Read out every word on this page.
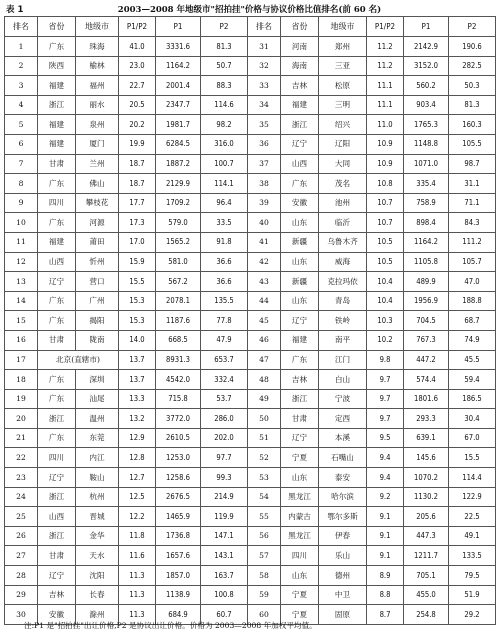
表 1	2003—2008 年地级市"招拍挂"价格与协议价格比值排名(前 60 名)
排名	省份	地级市	P1/P2	P1	P2	排名	省份	地级市	P1/P2	P1	P2
1	广东	珠海	41.0	3331.6	81.3	31	河南	郑州	11.2	2142.9	190.6
2	陕西	榆林	23.0	1164.2	50.7	32	海南	三亚	11.2	3152.0	282.5
3	福建	福州	22.7	2001.4	88.3	33	吉林	松原	11.1	560.2	50.3
4	浙江	丽水	20.5	2347.7	114.6	34	福建	三明	11.1	903.4	81.3
5	福建	泉州	20.2	1981.7	98.2	35	浙江	绍兴	11.0	1765.3	160.3
6	福建	厦门	19.9	6284.5	316.0	36	辽宁	辽阳	10.9	1148.8	105.5
7	甘肃	兰州	18.7	1887.2	100.7	37	山西	大同	10.9	1071.0	98.7
8	广东	佛山	18.7	2129.9	114.1	38	广东	茂名	10.8	335.4	31.1
9	四川	攀枝花	17.7	1709.2	96.4	39	安徽	池州	10.7	758.9	71.1
10	广东	河源	17.3	579.0	33.5	40	山东	临沂	10.7	898.4	84.3
11	福建	莆田	17.0	1565.2	91.8	41	新疆	乌鲁木齐	10.5	1164.2	111.2
12	山西	忻州	15.9	581.0	36.6	42	山东	威海	10.5	1105.8	105.7
13	辽宁	营口	15.5	567.2	36.6	43	新疆	克拉玛依	10.4	489.9	47.0
14	广东	广州	15.3	2078.1	135.5	44	山东	青岛	10.4	1956.9	188.8
15	广东	揭阳	15.3	1187.6	77.8	45	辽宁	铁岭	10.3	704.5	68.7
16	甘肃	陇南	14.0	668.5	47.9	46	福建	南平	10.2	767.3	74.9
17	北京(直辖市)		13.7	8931.3	653.7	47	广东	江门	9.8	447.2	45.5
18	广东	深圳	13.7	4542.0	332.4	48	吉林	白山	9.7	574.4	59.4
19	广东	汕尾	13.3	715.8	53.7	49	浙江	宁波	9.7	1801.6	186.5
20	浙江	温州	13.2	3772.0	286.0	50	甘肃	定西	9.7	293.3	30.4
21	广东	东莞	12.9	2610.5	202.0	51	辽宁	本溪	9.5	639.1	67.0
22	四川	内江	12.8	1253.0	97.7	52	宁夏	石嘴山	9.4	145.6	15.5
23	辽宁	鞍山	12.7	1258.6	99.3	53	山东	泰安	9.4	1070.2	114.4
24	浙江	杭州	12.5	2676.5	214.9	54	黑龙江	哈尔滨	9.2	1130.2	122.9
25	山西	晋城	12.2	1465.9	119.9	55	内蒙古	鄂尔多斯	9.1	205.6	22.5
26	浙江	金华	11.8	1736.8	147.1	56	黑龙江	伊春	9.1	447.3	49.1
27	甘肃	天水	11.6	1657.6	143.1	57	四川	乐山	9.1	1211.7	133.5
28	辽宁	沈阳	11.3	1857.0	163.7	58	山东	德州	8.9	705.1	79.5
29	吉林	长春	11.3	1138.9	100.8	59	宁夏	中卫	8.8	455.0	51.9
30	安徽	滁州	11.3	684.9	60.7	60	宁夏	固原	8.7	254.8	29.2
注:P1 是"招拍挂"出让价格,P2 是协议出让价格。价格为 2003—2008 年加权平均值。
